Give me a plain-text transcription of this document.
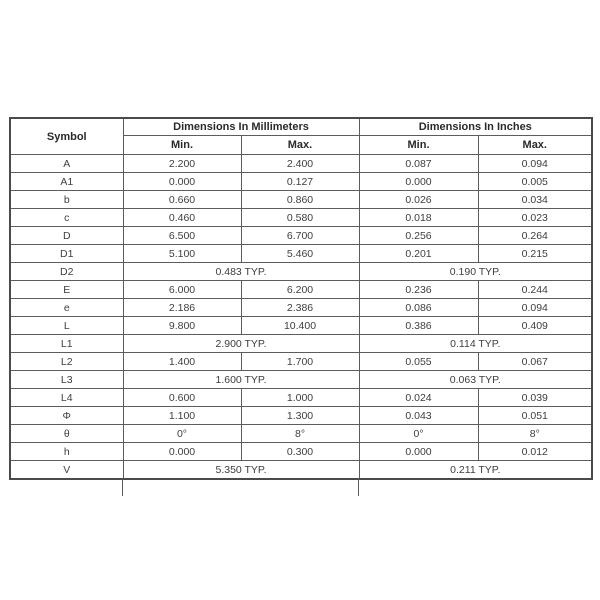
Symbol	Dimensions In Millimeters		Dimensions In Inches	
	Min.	Max.	Min.	Max.
A	2.200	2.400	0.087	0.094
A1	0.000	0.127	0.000	0.005
b	0.660	0.860	0.026	0.034
c	0.460	0.580	0.018	0.023
D	6.500	6.700	0.256	0.264
D1	5.100	5.460	0.201	0.215
D2	0.483 TYP.		0.190 TYP.	
E	6.000	6.200	0.236	0.244
e	2.186	2.386	0.086	0.094
L	9.800	10.400	0.386	0.409
L1	2.900 TYP.		0.114 TYP.	
L2	1.400	1.700	0.055	0.067
L3	1.600 TYP.		0.063 TYP.	
L4	0.600	1.000	0.024	0.039
Φ	1.100	1.300	0.043	0.051
θ	0°	8°	0°	8°
h	0.000	0.300	0.000	0.012
V	5.350 TYP.		0.211 TYP.	
